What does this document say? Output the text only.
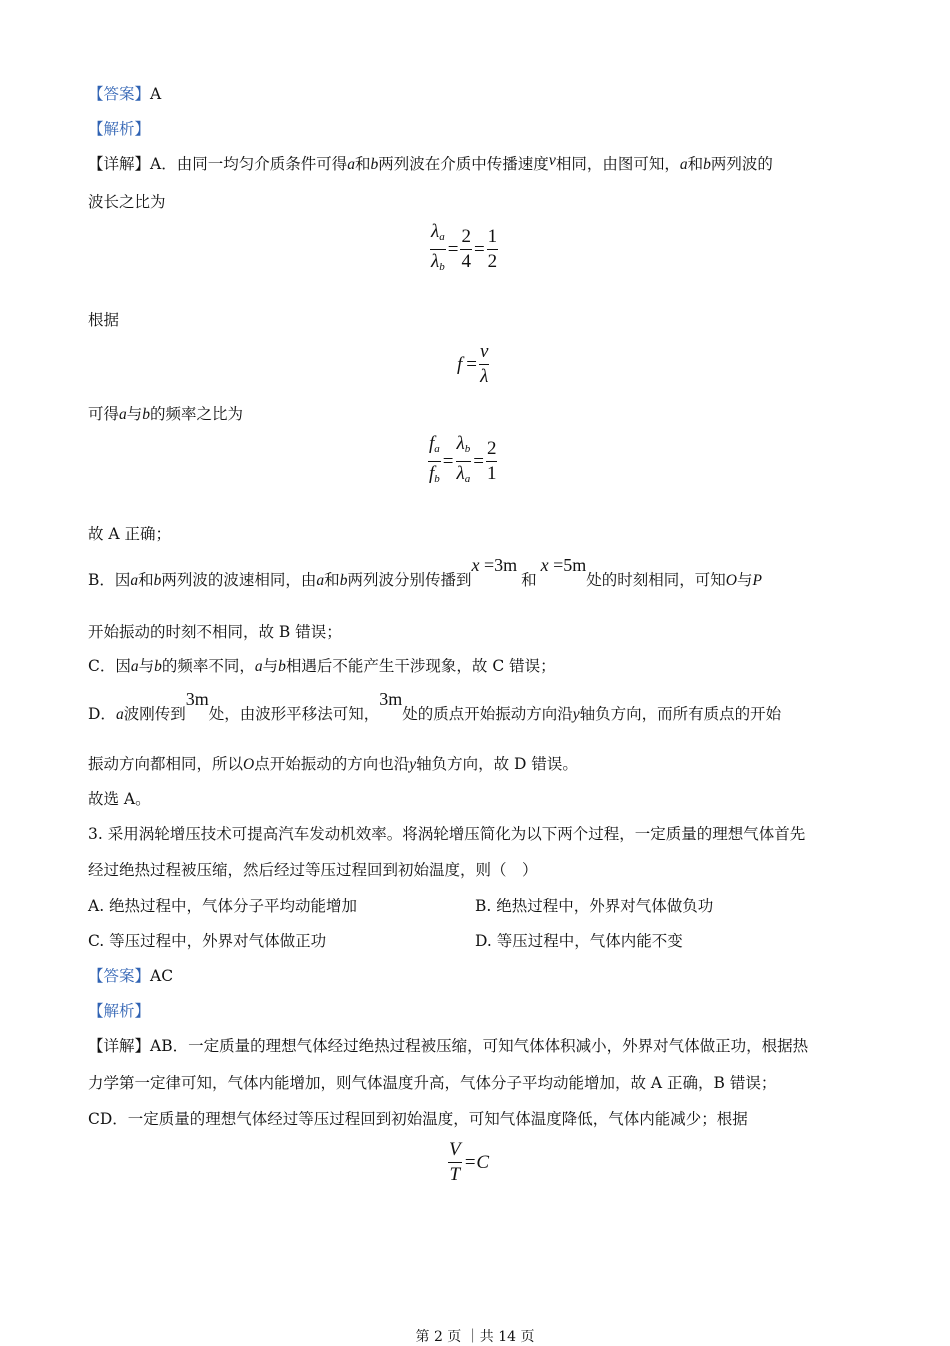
【答案】A
【解析】
【详解】A．由同一均匀介质条件可得a和b两列波在介质中传播速度v相同，由图可知，a和b两列波的
波长之比为
$\frac{\lambda_a}{\lambda_b} = \frac{2}{4} = \frac{1}{2}$
根据
$f = \frac{v}{\lambda}$
可得a与b的频率之比为
$\frac{f_a}{f_b} = \frac{\lambda_b}{\lambda_a} = \frac{2}{1}$
故 A 正确；
B．因a和b两列波的波速相同，由a和b两列波分别传播到x =3m和x =5m处的时刻相同，可知O与P
开始振动的时刻不相同，故 B 错误；
C．因a与b的频率不同，a与b相遇后不能产生干涉现象，故 C 错误；
D．a波刚传到3m处，由波形平移法可知，3m处的质点开始振动方向沿y轴负方向，而所有质点的开始
振动方向都相同，所以O点开始振动的方向也沿y轴负方向，故 D 错误。
故选 A。
3. 采用涡轮增压技术可提高汽车发动机效率。将涡轮增压简化为以下两个过程，一定质量的理想气体首先
经过绝热过程被压缩，然后经过等压过程回到初始温度，则（　）
A. 绝热过程中，气体分子平均动能增加	B. 绝热过程中，外界对气体做负功
C. 等压过程中，外界对气体做正功	D. 等压过程中，气体内能不变
【答案】AC
【解析】
【详解】AB．一定质量的理想气体经过绝热过程被压缩，可知气体体积减小，外界对气体做正功，根据热
力学第一定律可知，气体内能增加，则气体温度升高，气体分子平均动能增加，故 A 正确，B 错误；
CD．一定质量的理想气体经过等压过程回到初始温度，可知气体温度降低，气体内能减少；根据
$\frac{V}{T} =C$
第 2 页 ｜共 14 页
